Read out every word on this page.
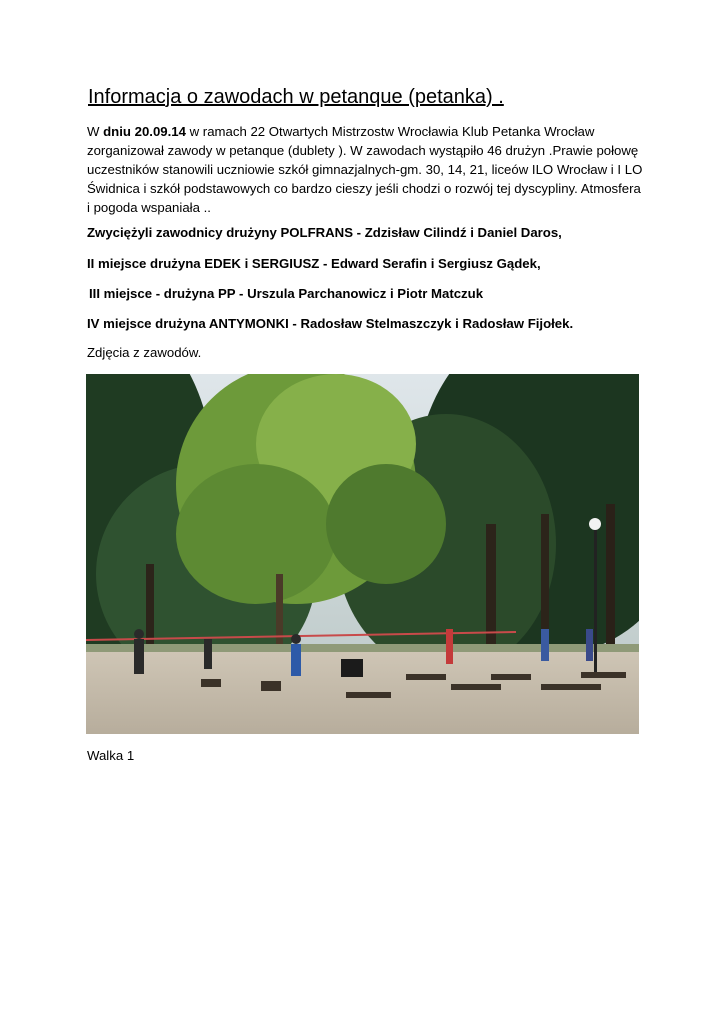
Informacja o zawodach w petanque (petanka) .
W dniu 20.09.14 w ramach 22 Otwartych Mistrzostw Wrocławia Klub Petanka Wrocław zorganizował zawody w petanque (dublety ). W zawodach wystąpiło 46 drużyn .Prawie połowę uczestników stanowili uczniowie szkół gimnazjalnych-gm. 30, 14, 21, liceów ILO Wrocław i I LO Świdnica i szkół podstawowych co bardzo cieszy jeśli chodzi o rozwój tej dyscypliny. Atmosfera i pogoda wspaniała ..
Zwyciężyli zawodnicy drużyny POLFRANS - Zdzisław Cilindź i Daniel Daros,
II miejsce drużyna EDEK i SERGIUSZ - Edward Serafin i Sergiusz Gądek,
III miejsce - drużyna PP - Urszula Parchanowicz i Piotr Matczuk
IV miejsce drużyna ANTYMONKI - Radosław Stelmaszczyk i Radosław Fijołek.
Zdjęcia z zawodów.
Walka 1
